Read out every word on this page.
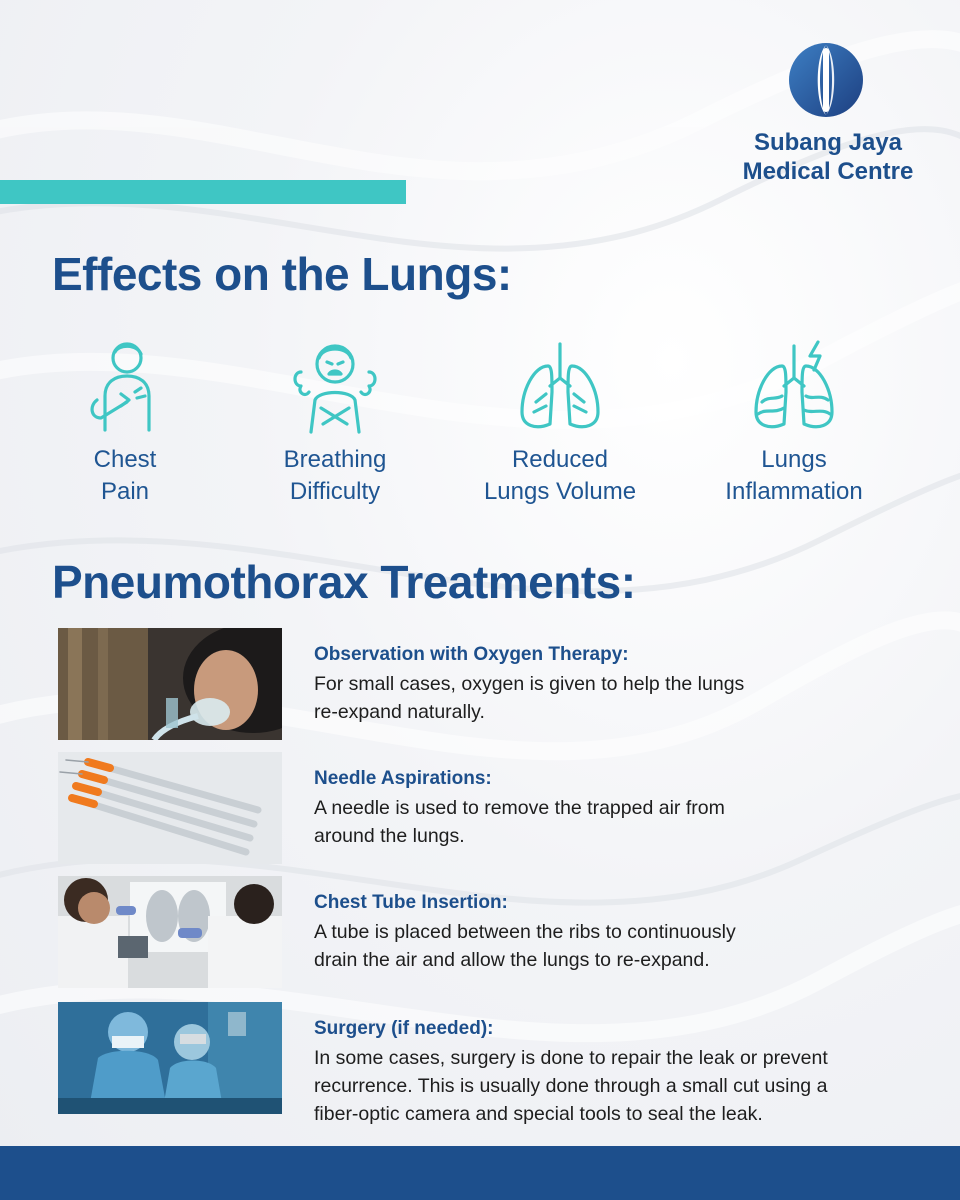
Subang Jaya
Medical Centre
Effects on the Lungs:
Chest
Pain
Breathing
Difficulty
Reduced
Lungs Volume
Lungs
Inflammation
Pneumothorax Treatments:
Observation with Oxygen Therapy:
For small cases, oxygen is given to help the lungs
re-expand naturally.
Needle Aspirations:
A needle is used to remove the trapped air from
around the lungs.
Chest Tube Insertion:
A tube is placed between the ribs to continuously
drain the air and allow the lungs to re-expand.
Surgery (if needed):
In some cases, surgery is done to repair the leak or prevent
recurrence. This is usually done through a small cut using a
fiber-optic camera and special tools to seal the leak.
